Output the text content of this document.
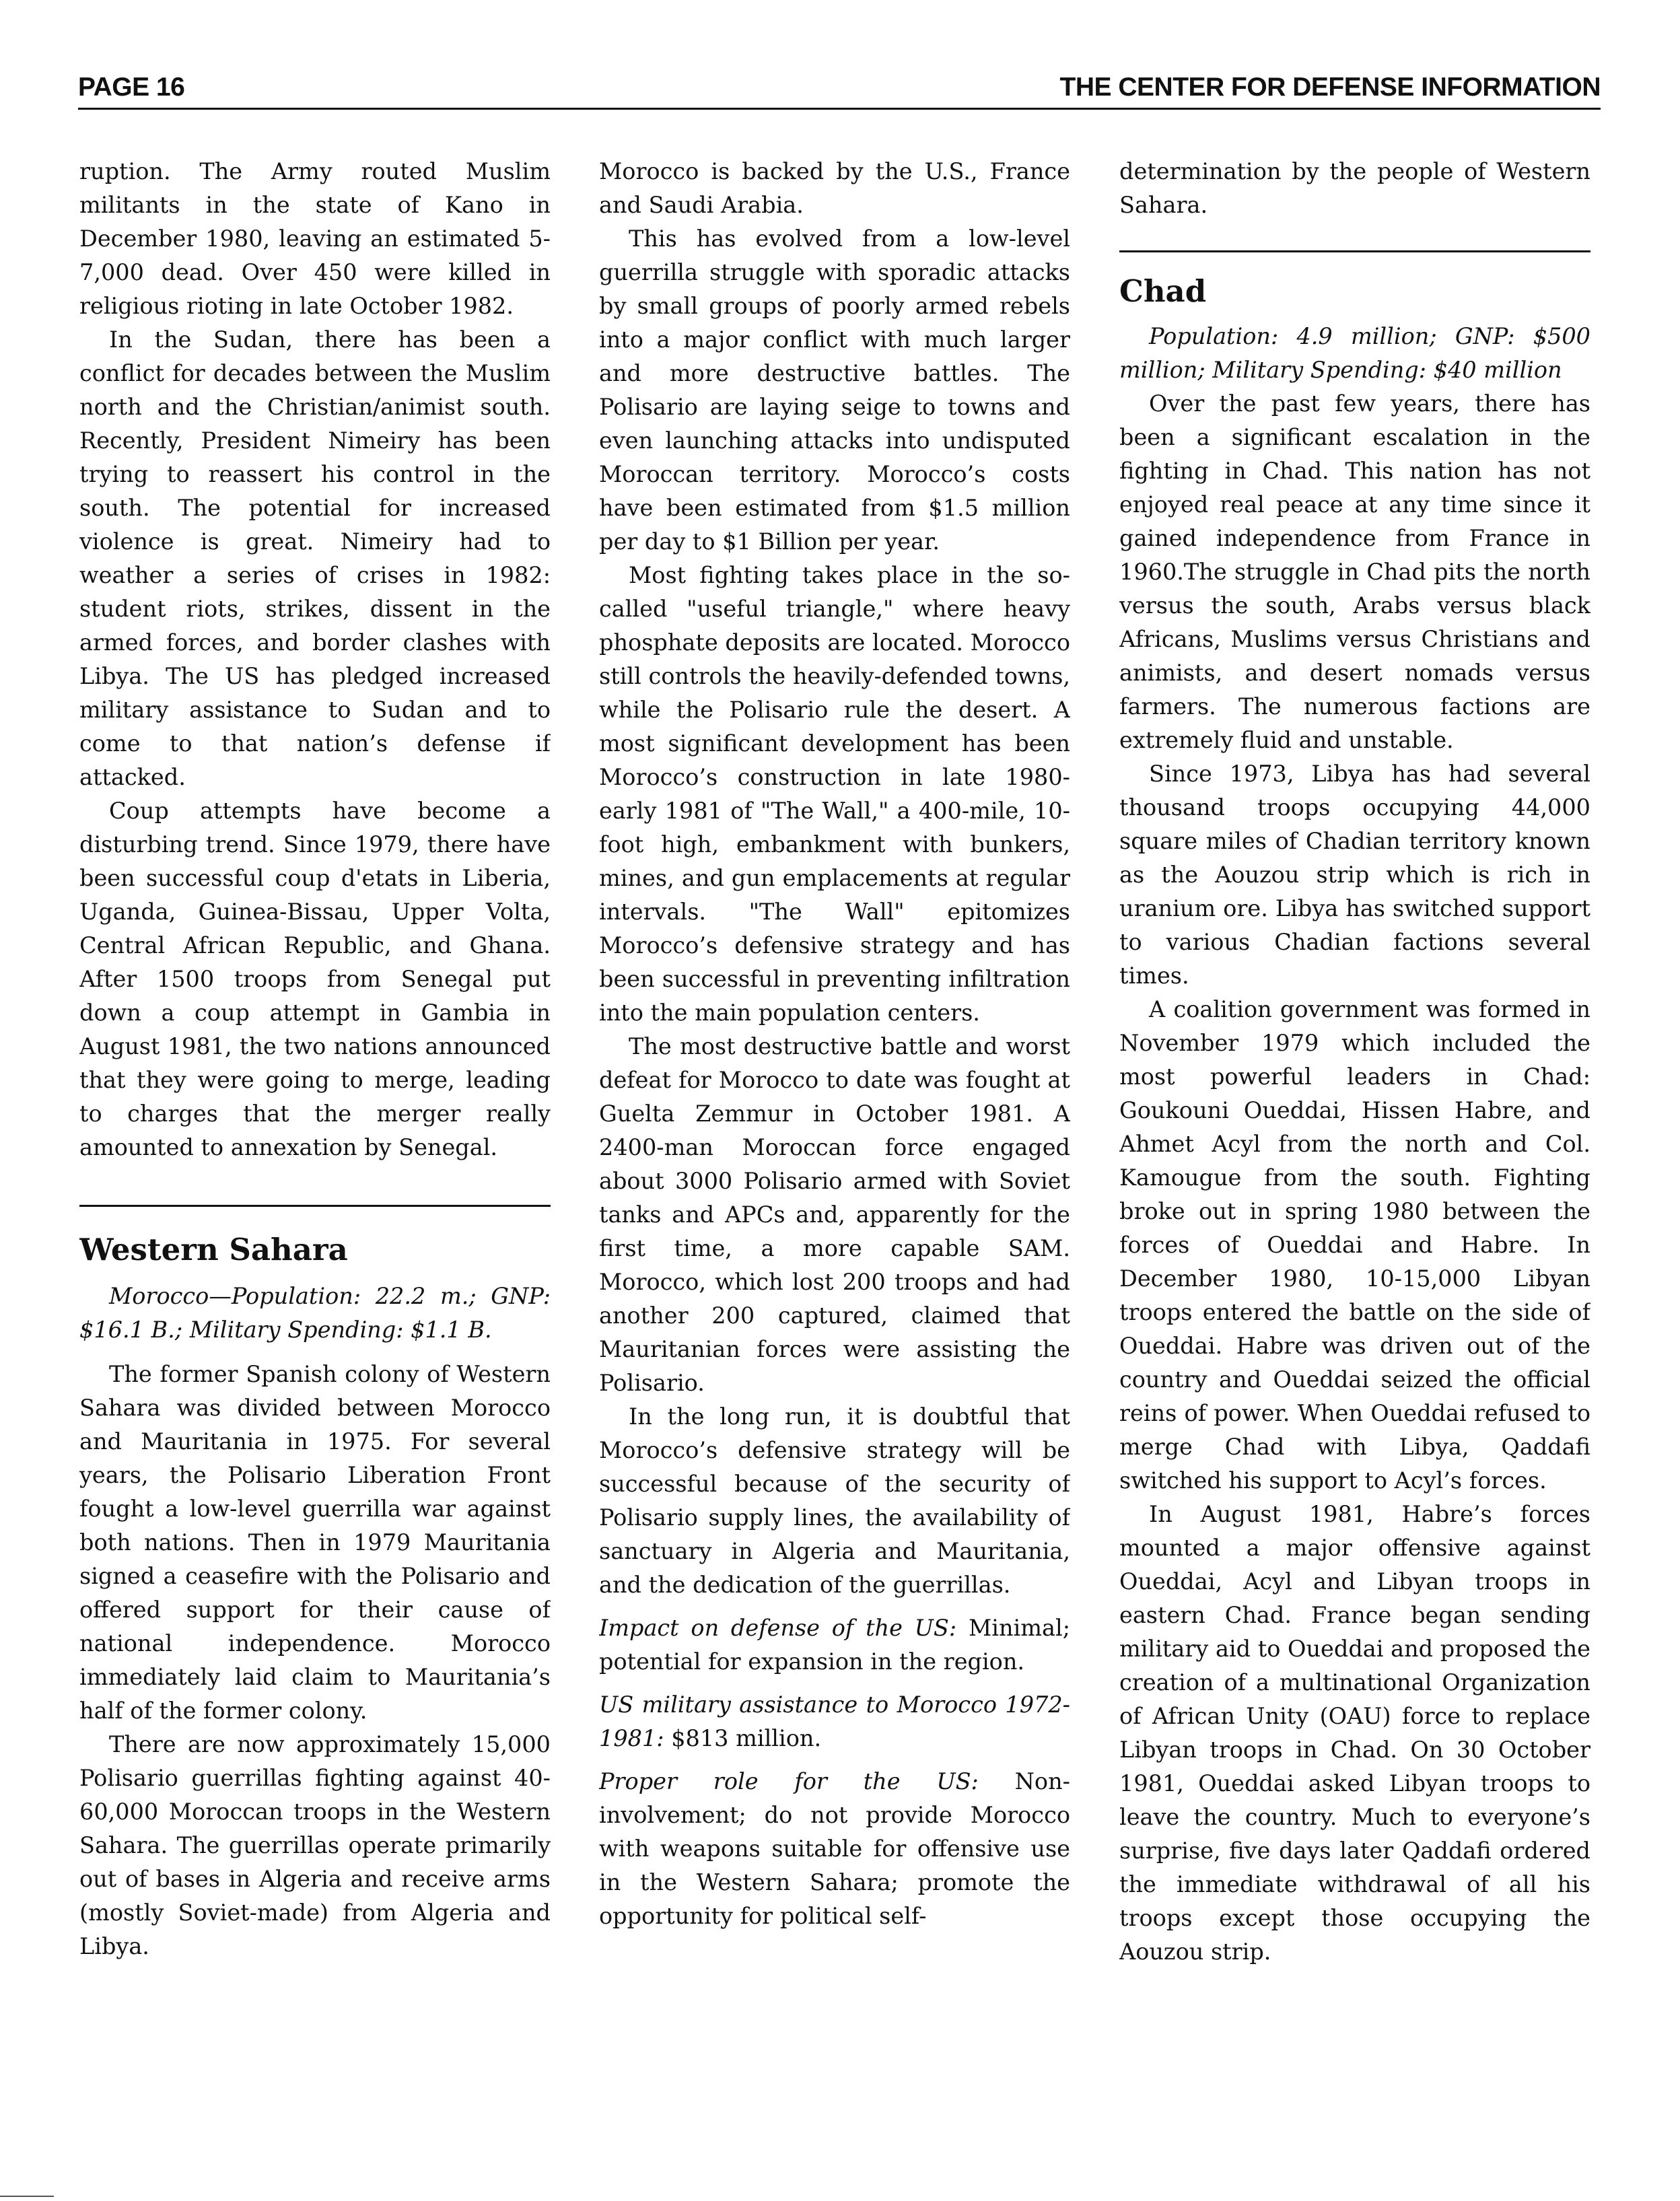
PAGE 16	THE CENTER FOR DEFENSE INFORMATION

ruption. The Army routed Muslim militants in the state of Kano in December 1980, leaving an estimated 5-7,000 dead. Over 450 were killed in religious rioting in late October 1982.

In the Sudan, there has been a conflict for decades between the Muslim north and the Christian/animist south. Recently, President Nimeiry has been trying to reassert his control in the south. The potential for increased violence is great. Nimeiry had to weather a series of crises in 1982: student riots, strikes, dissent in the armed forces, and border clashes with Libya. The US has pledged increased military assistance to Sudan and to come to that nation’s defense if attacked.

Coup attempts have become a disturbing trend. Since 1979, there have been successful coup d'etats in Liberia, Uganda, Guinea-Bissau, Upper Volta, Central African Republic, and Ghana. After 1500 troops from Senegal put down a coup attempt in Gambia in August 1981, the two nations announced that they were going to merge, leading to charges that the merger really amounted to annexation by Senegal.

Western Sahara

Morocco—Population: 22.2 m.; GNP: $16.1 B.; Military Spending: $1.1 B.

The former Spanish colony of Western Sahara was divided between Morocco and Mauritania in 1975. For several years, the Polisario Liberation Front fought a low-level guerrilla war against both nations. Then in 1979 Mauritania signed a ceasefire with the Polisario and offered support for their cause of national independence. Morocco immediately laid claim to Mauritania’s half of the former colony.

There are now approximately 15,000 Polisario guerrillas fighting against 40-60,000 Moroccan troops in the Western Sahara. The guerrillas operate primarily out of bases in Algeria and receive arms (mostly Soviet-made) from Algeria and Libya.

Morocco is backed by the U.S., France and Saudi Arabia.

This has evolved from a low-level guerrilla struggle with sporadic attacks by small groups of poorly armed rebels into a major conflict with much larger and more destructive battles. The Polisario are laying seige to towns and even launching attacks into undisputed Moroccan territory. Morocco’s costs have been estimated from $1.5 million per day to $1 Billion per year.

Most fighting takes place in the so-called "useful triangle," where heavy phosphate deposits are located. Morocco still controls the heavily-defended towns, while the Polisario rule the desert. A most significant development has been Morocco’s construction in late 1980-early 1981 of "The Wall," a 400-mile, 10-foot high, embankment with bunkers, mines, and gun emplacements at regular intervals. "The Wall" epitomizes Morocco’s defensive strategy and has been successful in preventing infiltration into the main population centers.

The most destructive battle and worst defeat for Morocco to date was fought at Guelta Zemmur in October 1981. A 2400-man Moroccan force engaged about 3000 Polisario armed with Soviet tanks and APCs and, apparently for the first time, a more capable SAM. Morocco, which lost 200 troops and had another 200 captured, claimed that Mauritanian forces were assisting the Polisario.

In the long run, it is doubtful that Morocco’s defensive strategy will be successful because of the security of Polisario supply lines, the availability of sanctuary in Algeria and Mauritania, and the dedication of the guerrillas.

Impact on defense of the US: Minimal; potential for expansion in the region.

US military assistance to Morocco 1972-1981: $813 million.

Proper role for the US: Non-involvement; do not provide Morocco with weapons suitable for offensive use in the Western Sahara; promote the opportunity for political self-

determination by the people of Western Sahara.

Chad

Population: 4.9 million; GNP: $500 million; Military Spending: $40 million

Over the past few years, there has been a significant escalation in the fighting in Chad. This nation has not enjoyed real peace at any time since it gained independence from France in 1960.The struggle in Chad pits the north versus the south, Arabs versus black Africans, Muslims versus Christians and animists, and desert nomads versus farmers. The numerous factions are extremely fluid and unstable.

Since 1973, Libya has had several thousand troops occupying 44,000 square miles of Chadian territory known as the Aouzou strip which is rich in uranium ore. Libya has switched support to various Chadian factions several times.

A coalition government was formed in November 1979 which included the most powerful leaders in Chad: Goukouni Oueddai, Hissen Habre, and Ahmet Acyl from the north and Col. Kamougue from the south. Fighting broke out in spring 1980 between the forces of Oueddai and Habre. In December 1980, 10-15,000 Libyan troops entered the battle on the side of Oueddai. Habre was driven out of the country and Oueddai seized the official reins of power. When Oueddai refused to merge Chad with Libya, Qaddafi switched his support to Acyl’s forces.

In August 1981, Habre’s forces mounted a major offensive against Oueddai, Acyl and Libyan troops in eastern Chad. France began sending military aid to Oueddai and proposed the creation of a multinational Organization of African Unity (OAU) force to replace Libyan troops in Chad. On 30 October 1981, Oueddai asked Libyan troops to leave the country. Much to everyone’s surprise, five days later Qaddafi ordered the immediate withdrawal of all his troops except those occupying the Aouzou strip.
